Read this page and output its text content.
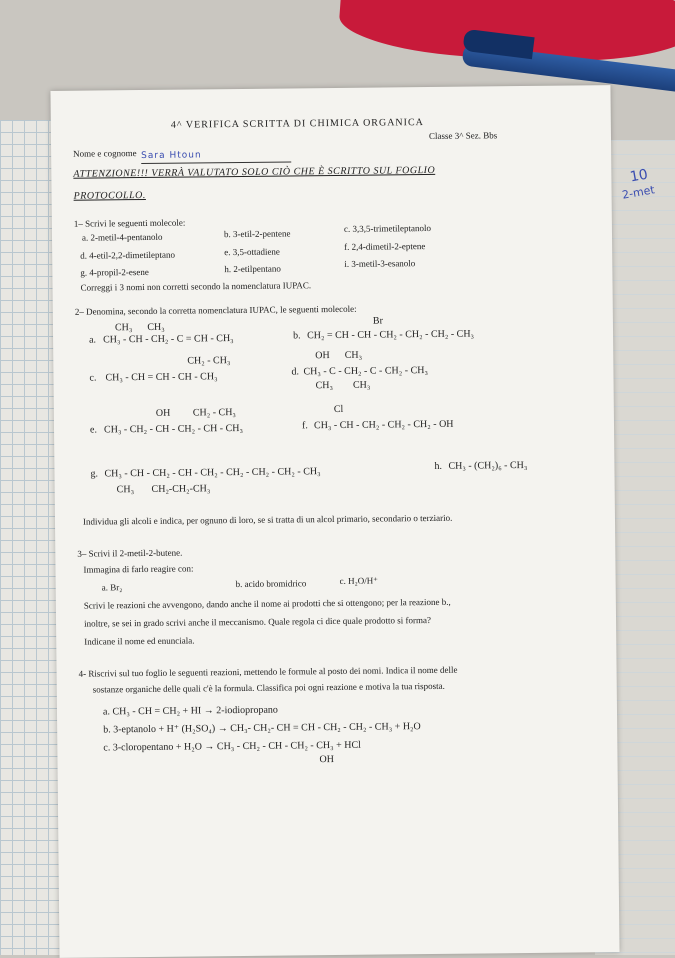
10
2-met
4^ VERIFICA SCRITTA DI CHIMICA ORGANICA
Nome e cognome Sara Htoun
Classe 3^ Sez. Bbs
ATTENZIONE!!! VERRÀ VALUTATO SOLO CIÒ CHE È SCRITTO SUL FOGLIO
PROTOCOLLO.
1– Scrivi le seguenti molecole:
a. 2-metil-4-pentanolo	b. 3-etil-2-pentene	c. 3,3,5-trimetileptanolo
d. 4-etil-2,2-dimetileptano	e. 3,5-ottadiene	f. 2,4-dimetil-2-eptene
g. 4-propil-2-esene	h. 2-etilpentano	i. 3-metil-3-esanolo
Correggi i 3 nomi non corretti secondo la nomenclatura IUPAC.
2– Denomina, secondo la corretta nomenclatura IUPAC, le seguenti molecole:
a.
CH₃      CH₃
CH₃ - CH - CH₂ - C = CH - CH₃	b.
Br
CH₂ = CH - CH - CH₂ - CH₂ - CH₂ - CH₃
CH₂ - CH₃
c. CH₃ - CH = CH - CH - CH₃
OH      CH₃
d. CH₃ - C - CH₂ - C - CH₂ - CH₃
CH₃        CH₃
OH         CH₂ - CH₃
e. CH₃ - CH₂ - CH - CH₂ - CH - CH₃
Cl
f. CH₃ - CH - CH₂ - CH₂ - CH₂ - OH
g. CH₃ - CH - CH₂ - CH - CH₂ - CH₂ - CH₂ - CH₂ - CH₃
CH₃       CH₂-CH₂-CH₃
h. CH₃ - (CH₂)₆ - CH₃
Individua gli alcoli e indica, per ognuno di loro, se si tratta di un alcol primario, secondario o terziario.
3– Scrivi il 2-metil-2-butene.
Immagina di farlo reagire con:
a. Br₂	b. acido bromidrico	c. H₂O/H⁺
Scrivi le reazioni che avvengono, dando anche il nome ai prodotti che si ottengono; per la reazione b.,
inoltre, se sei in grado scrivi anche il meccanismo. Quale regola ci dice quale prodotto si forma?
Indicane il nome ed enunciala.
4- Riscrivi sul tuo foglio le seguenti reazioni, mettendo le formule al posto dei nomi. Indica il nome delle
sostanze organiche delle quali c'è la formula. Classifica poi ogni reazione e motiva la tua risposta.
a. CH₃ - CH = CH₂ + HI → 2-iodiopropano
b. 3-eptanolo + H⁺ (H₂SO₄) → CH₃- CH₂- CH = CH - CH₂ - CH₂ - CH₃ + H₂O
c. 3-cloropentano + H₂O → CH₃ - CH₂ - CH - CH₂ - CH₃ + HCl
OH
